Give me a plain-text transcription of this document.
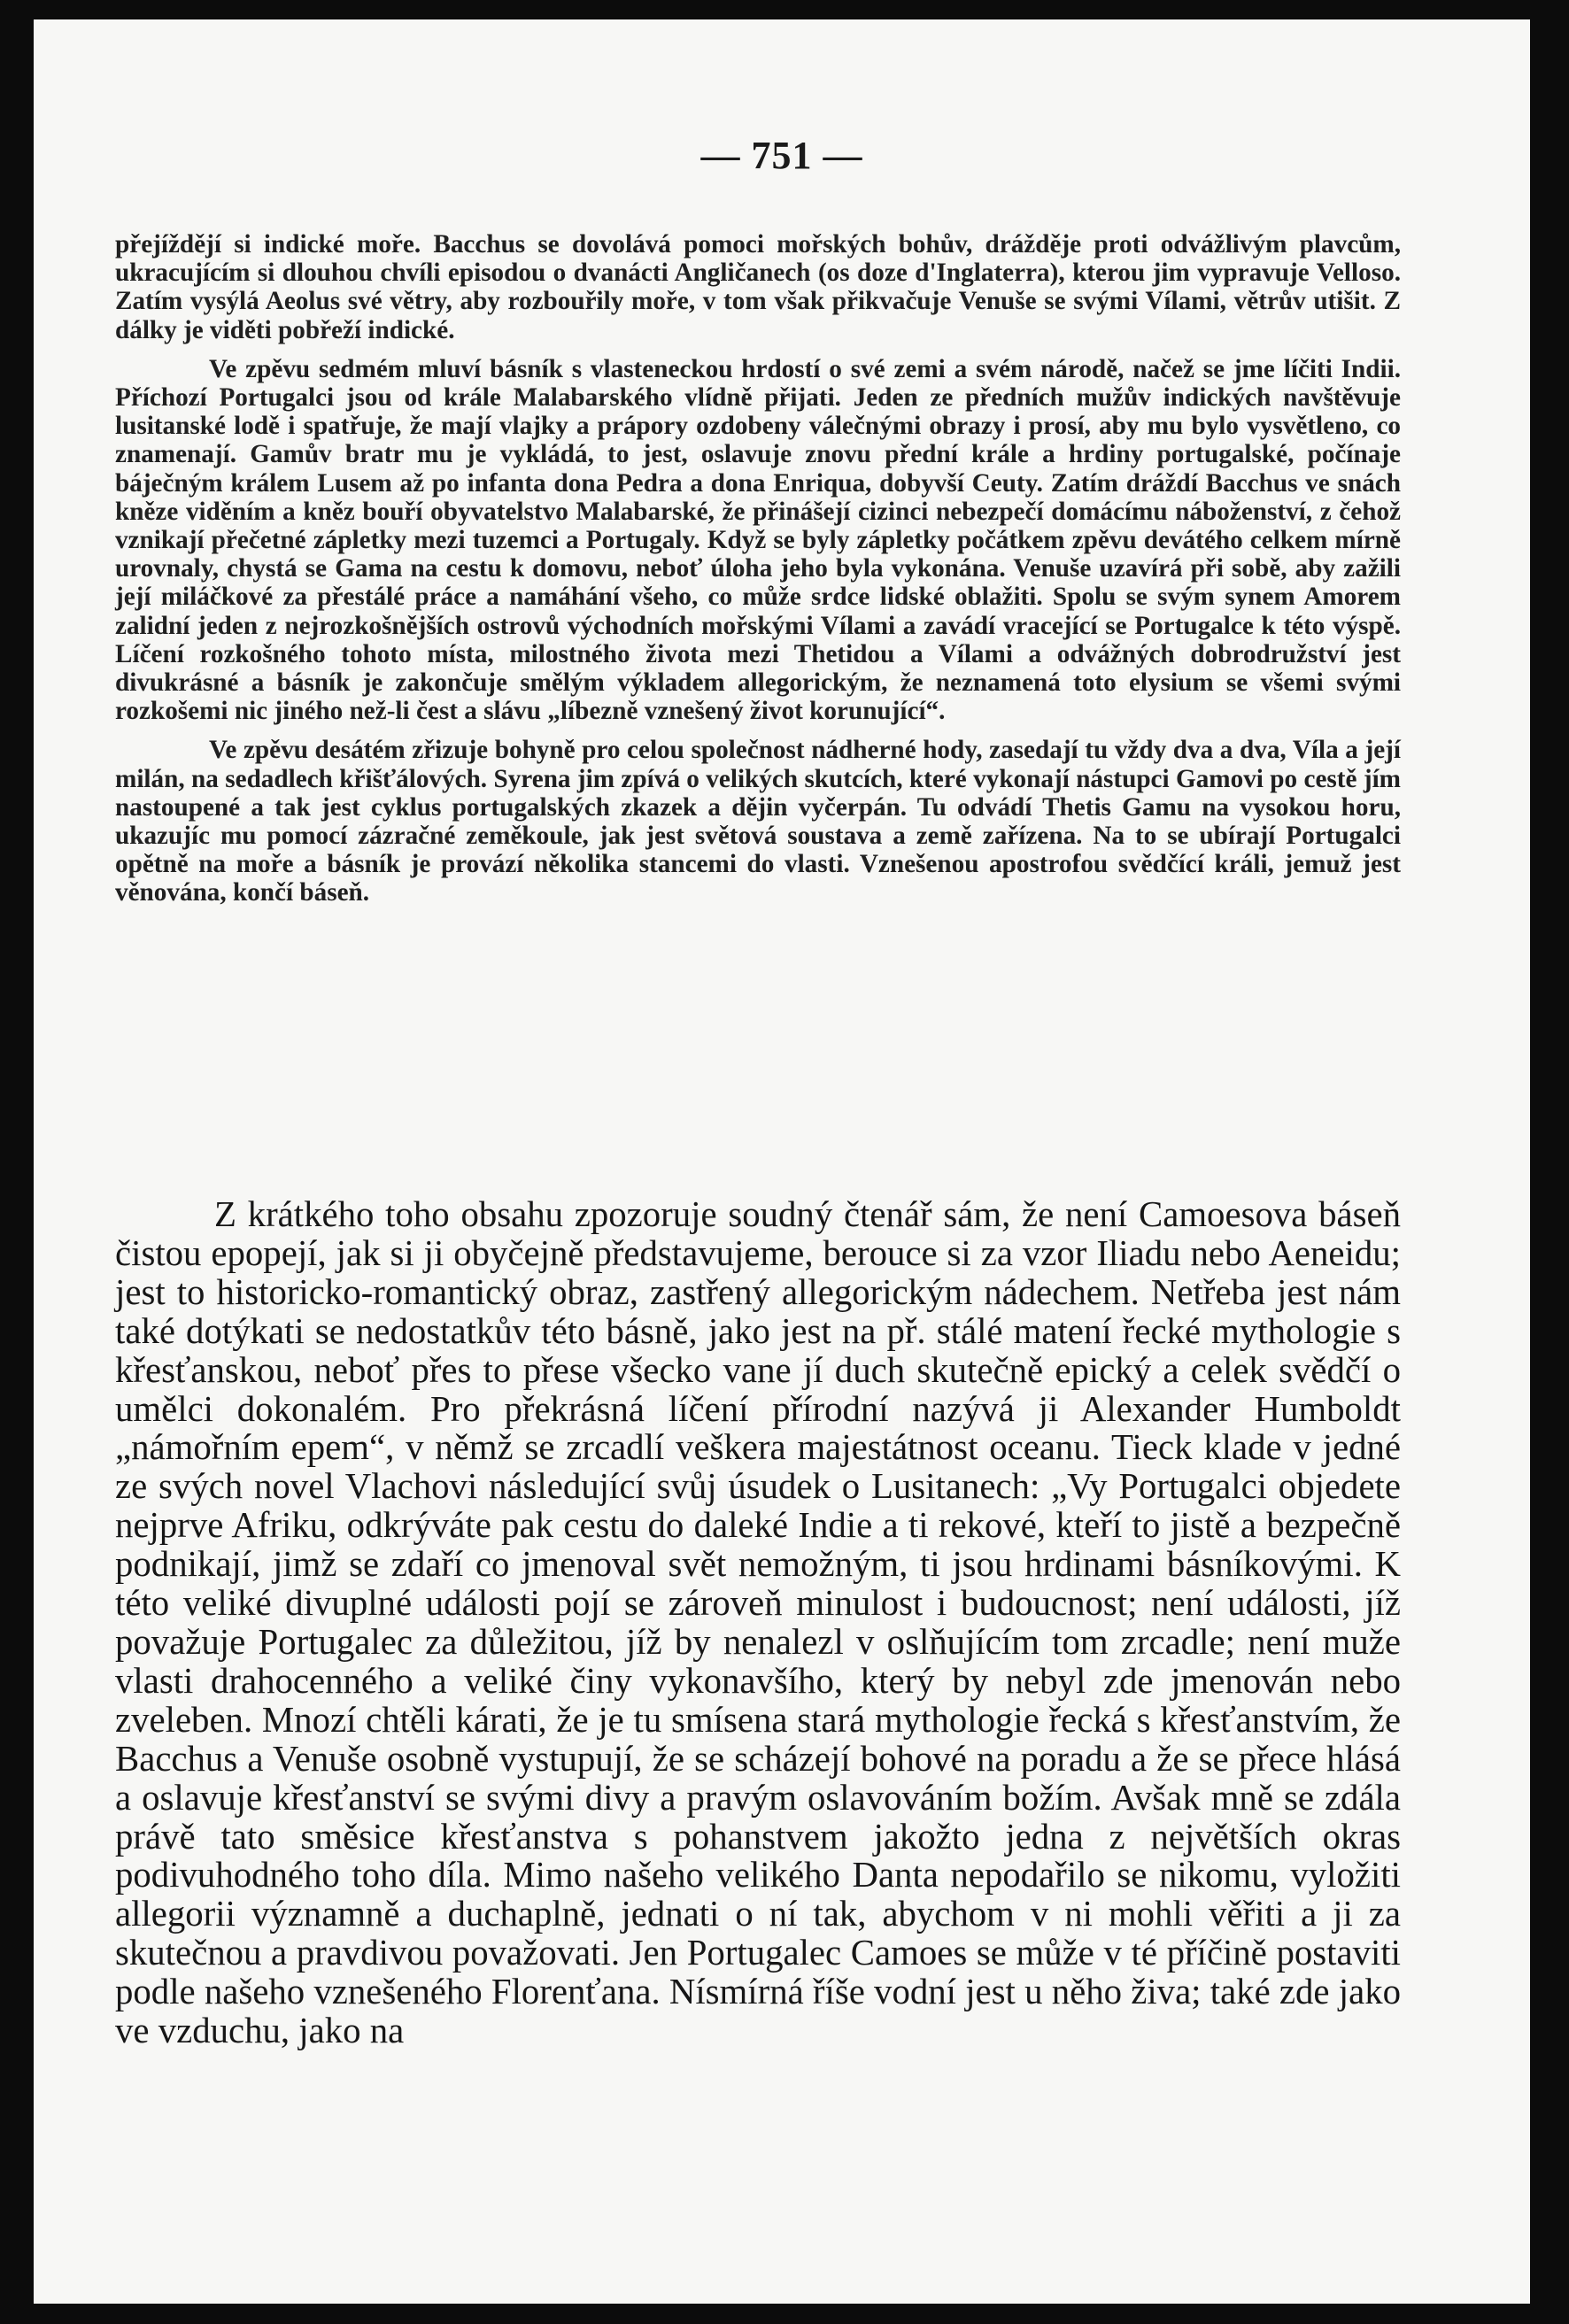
— 751 —

přejíždějí si indické moře. Bacchus se dovolává pomoci mořských bohův, drážděje proti odvážlivým plavcům, ukracujícím si dlouhou chvíli episodou o dvanácti Angličanech (os doze d'Inglaterra), kterou jim vypravuje Velloso. Zatím vysýlá Aeolus své větry, aby rozbouřily moře, v tom však přikvačuje Venuše se svými Vílami, větrův utišit. Z dálky je viděti pobřeží indické.

Ve zpěvu sedmém mluví básník s vlasteneckou hrdostí o své zemi a svém národě, načež se jme líčiti Indii. Příchozí Portugalci jsou od krále Malabarského vlídně přijati. Jeden ze předních mužův indických navštěvuje lusitanské lodě i spatřuje, že mají vlajky a prápory ozdobeny válečnými obrazy i prosí, aby mu bylo vysvětleno, co znamenají. Gamův bratr mu je vykládá, to jest, oslavuje znovu přední krále a hrdiny portugalské, počínaje báječným králem Lusem až po infanta dona Pedra a dona Enriqua, dobyvší Ceuty. Zatím dráždí Bacchus ve snách kněze viděním a kněz bouří obyvatelstvo Malabarské, že přinášejí cizinci nebezpečí domácímu náboženství, z čehož vznikají přečetné zápletky mezi tuzemci a Portugaly. Když se byly zápletky počátkem zpěvu devátého celkem mírně urovnaly, chystá se Gama na cestu k domovu, neboť úloha jeho byla vykonána. Venuše uzavírá při sobě, aby zažili její miláčkové za přestálé práce a namáhání všeho, co může srdce lidské oblažiti. Spolu se svým synem Amorem zalidní jeden z nejrozkošnějších ostrovů východních mořskými Vílami a zavádí vracející se Portugalce k této výspě. Líčení rozkošného tohoto místa, milostného života mezi Thetidou a Vílami a odvážných dobrodružství jest divukrásné a básník je zakončuje smělým výkladem allegorickým, že neznamená toto elysium se všemi svými rozkošemi nic jiného než-li čest a slávu „líbezně vznešený život korunující“.

Ve zpěvu desátém zřizuje bohyně pro celou společnost nádherné hody, zasedají tu vždy dva a dva, Víla a její milán, na sedadlech křišťálových. Syrena jim zpívá o velikých skutcích, které vykonají nástupci Gamovi po cestě jím nastoupené a tak jest cyklus portugalských zkazek a dějin vyčerpán. Tu odvádí Thetis Gamu na vysokou horu, ukazujíc mu pomocí zázračné zeměkoule, jak jest světová soustava a země zařízena. Na to se ubírají Portugalci opětně na moře a básník je provází několika stancemi do vlasti. Vznešenou apostrofou svědčící králi, jemuž jest věnována, končí báseň.

Z krátkého toho obsahu zpozoruje soudný čtenář sám, že není Camoesova báseň čistou epopejí, jak si ji obyčejně představujeme, berouce si za vzor Iliadu nebo Aeneidu; jest to historicko-romantický obraz, zastřený allegorickým nádechem. Netřeba jest nám také dotýkati se nedostatkův této básně, jako jest na př. stálé matení řecké mythologie s křesťanskou, neboť přes to přese všecko vane jí duch skutečně epický a celek svědčí o umělci dokonalém. Pro překrásná líčení přírodní nazývá ji Alexander Humboldt „námořním epem“, v němž se zrcadlí veškera majestátnost oceanu. Tieck klade v jedné ze svých novel Vlachovi následující svůj úsudek o Lusitanech: „Vy Portugalci objedete nejprve Afriku, odkrýváte pak cestu do daleké Indie a ti rekové, kteří to jistě a bezpečně podnikají, jimž se zdaří co jmenoval svět nemožným, ti jsou hrdinami básníkovými. K této veliké divuplné události pojí se zároveň minulost i budoucnost; není události, jíž považuje Portugalec za důležitou, jíž by nenalezl v oslňujícím tom zrcadle; není muže vlasti drahocenného a veliké činy vykonavšího, který by nebyl zde jmenován nebo zveleben. Mnozí chtěli kárati, že je tu smísena stará mythologie řecká s křesťanstvím, že Bacchus a Venuše osobně vystupují, že se scházejí bohové na poradu a že se přece hlásá a oslavuje křesťanství se svými divy a pravým oslavováním božím. Avšak mně se zdála právě tato směsice křesťanstva s pohanstvem jakožto jedna z největších okras podivuhodného toho díla. Mimo našeho velikého Danta nepodařilo se nikomu, vyložiti allegorii významně a duchaplně, jednati o ní tak, abychom v ni mohli věřiti a ji za skutečnou a pravdivou považovati. Jen Portugalec Camoes se může v té příčině postaviti podle našeho vznešeného Florenťana. Nísmírná říše vodní jest u něho živa; také zde jako ve vzduchu, jako na
